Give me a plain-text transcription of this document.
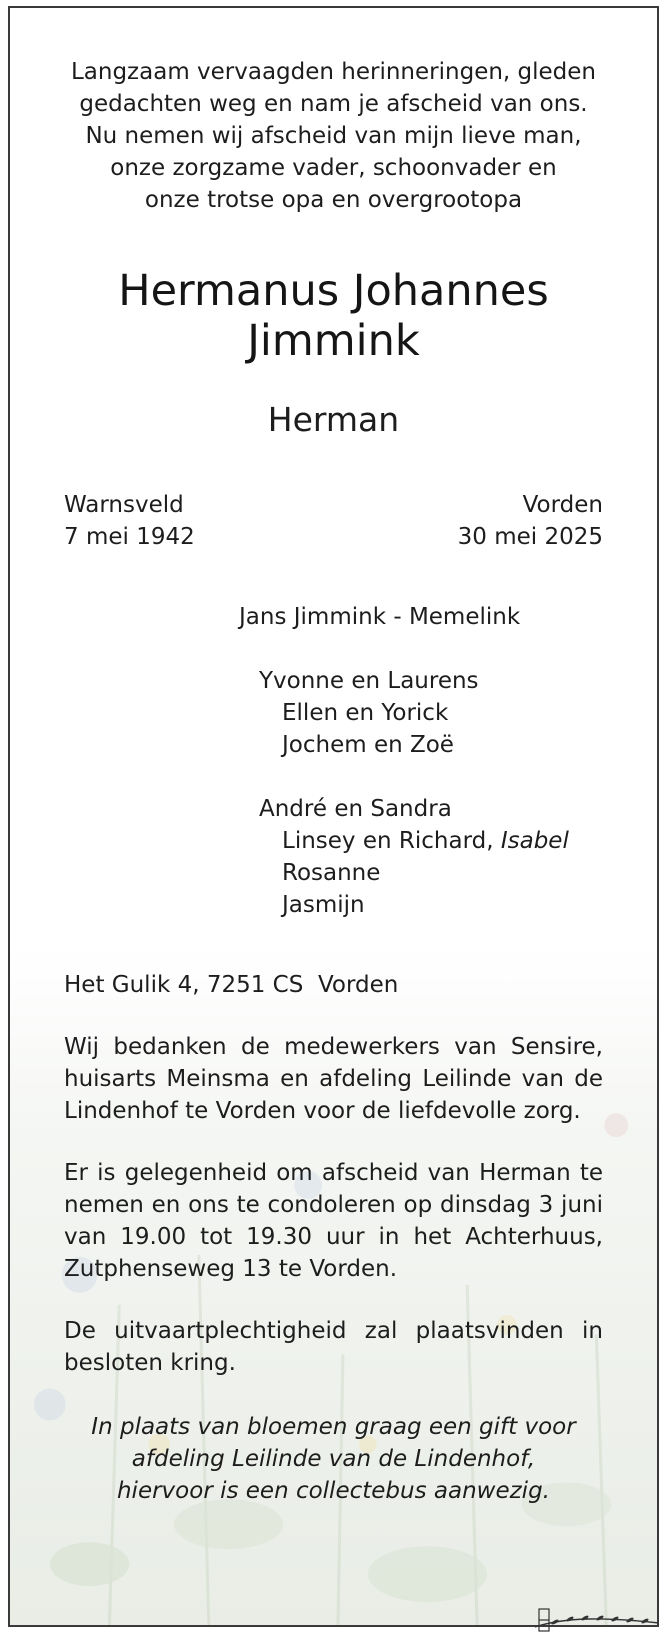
Langzaam vervaagden herinneringen, gleden
gedachten weg en nam je afscheid van ons.
Nu nemen wij afscheid van mijn lieve man,
onze zorgzame vader, schoonvader en
onze trotse opa en overgrootopa
Hermanus Johannes
Jimmink
Herman
Warnsveld
7 mei 1942
Vorden
30 mei 2025
Jans Jimmink - Memelink
Yvonne en Laurens
Ellen en Yorick
Jochem en Zoë
André en Sandra
Linsey en Richard, Isabel
Rosanne
Jasmijn
Het Gulik 4, 7251 CS  Vorden
Wij bedanken de medewerkers van Sensire, huisarts Meinsma en afdeling Leilinde van de Lindenhof te Vorden voor de liefdevolle zorg.
Er is gelegenheid om afscheid van Herman te nemen en ons te condoleren op dinsdag 3 juni van 19.00 tot 19.30 uur in het Achterhuus, Zutphenseweg 13 te Vorden.
De uitvaartplechtigheid zal plaatsvinden in besloten kring.
In plaats van bloemen graag een gift voor
afdeling Leilinde van de Lindenhof,
hiervoor is een collectebus aanwezig.
